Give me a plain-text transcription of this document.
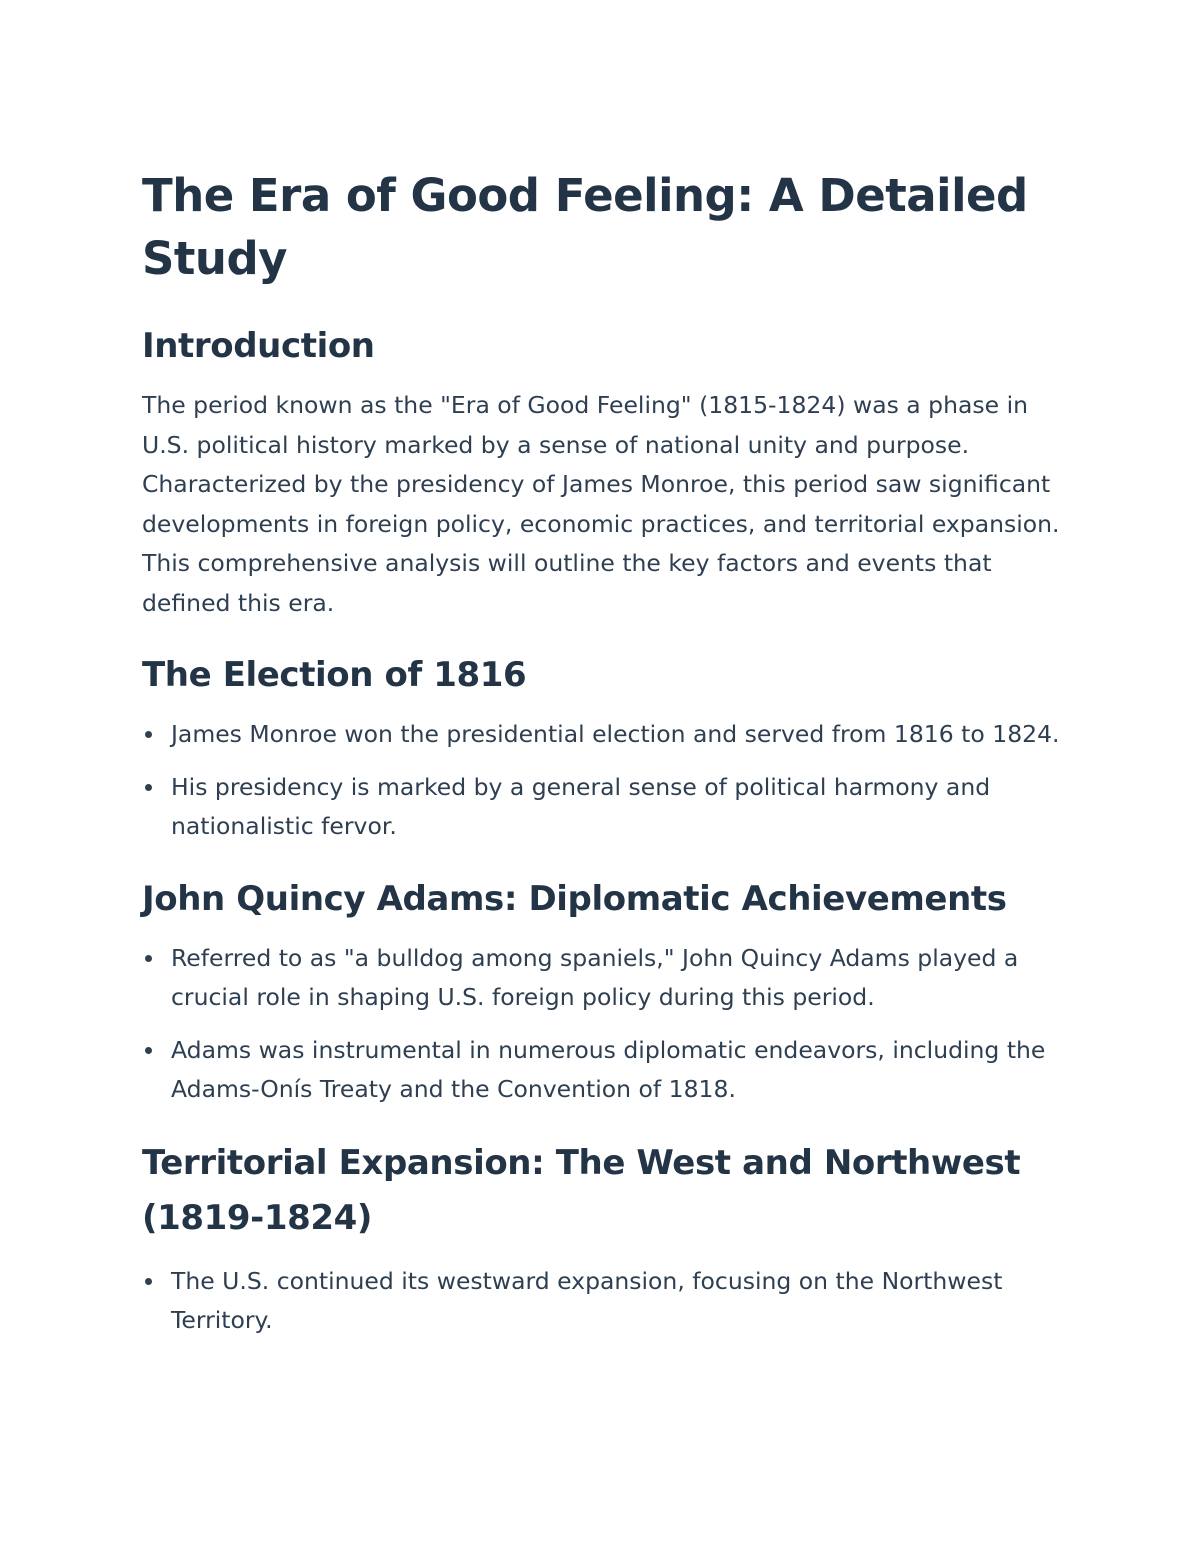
The Era of Good Feeling: A Detailed Study
Introduction

The period known as the "Era of Good Feeling" (1815-1824) was a phase in U.S. political history marked by a sense of national unity and purpose. Characterized by the presidency of James Monroe, this period saw significant developments in foreign policy, economic practices, and territorial expansion. This comprehensive analysis will outline the key factors and events that defined this era.

The Election of 1816
James Monroe won the presidential election and served from 1816 to 1824.
His presidency is marked by a general sense of political harmony and nationalistic fervor.
John Quincy Adams: Diplomatic Achievements
Referred to as "a bulldog among spaniels," John Quincy Adams played a crucial role in shaping U.S. foreign policy during this period.
Adams was instrumental in numerous diplomatic endeavors, including the Adams-Onís Treaty and the Convention of 1818.
Territorial Expansion: The West and Northwest (1819-1824)
The U.S. continued its westward expansion, focusing on the Northwest Territory.
